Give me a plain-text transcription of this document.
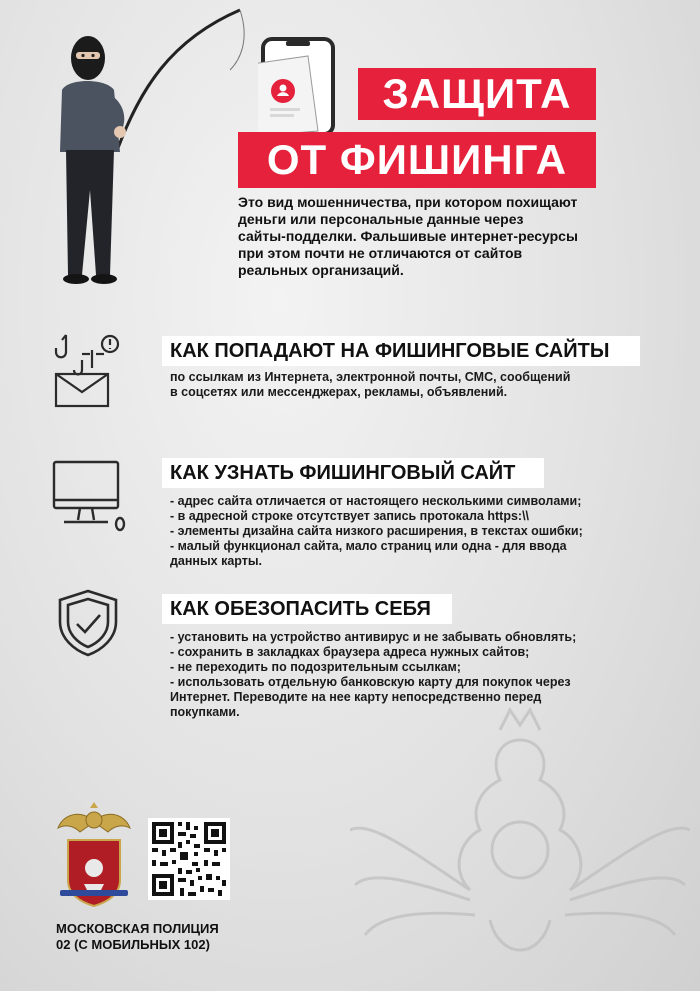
ЗАЩИТА
ОТ ФИШИНГА
Это вид мошенничества, при котором похищают
деньги или персональные данные через
сайты-подделки. Фальшивые интернет-ресурсы
при этом почти не отличаются от сайтов
реальных организаций.
КАК ПОПАДАЮТ НА ФИШИНГОВЫЕ САЙТЫ
по ссылкам из Интернета, электронной почты, СМС, сообщений
в соцсетях или мессенджерах, рекламы, объявлений.
КАК УЗНАТЬ ФИШИНГОВЫЙ САЙТ
- адрес сайта отличается от настоящего несколькими символами;
- в адресной строке отсутствует запись протокала https:\\
- элементы дизайна сайта низкого расширения, в текстах ошибки;
- малый функционал сайта, мало страниц или одна - для ввода
данных карты.
КАК ОБЕЗОПАСИТЬ СЕБЯ
- установить на устройство антивирус и не забывать обновлять;
- сохранить в закладках браузера адреса нужных сайтов;
- не переходить по подозрительным ссылкам;
- использовать отдельную банковскую карту для покупок через
Интернет. Переводите на нее карту непосредственно перед
покупками.
МОСКОВСКАЯ ПОЛИЦИЯ
02 (С МОБИЛЬНЫХ 102)
